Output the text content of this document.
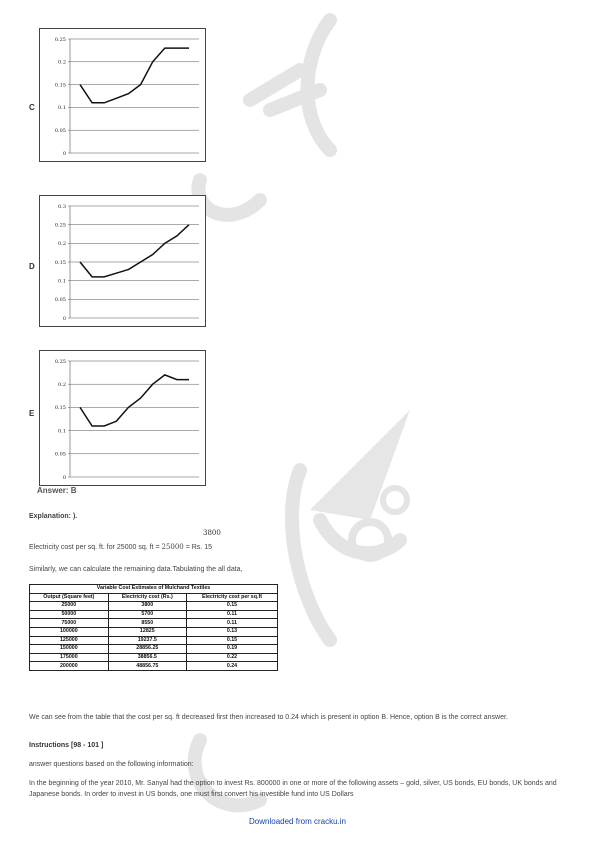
C
0
0.05
0.1
0.15
0.2
0.25
D
0
0.05
0.1
0.15
0.2
0.25
0.3
E
0
0.05
0.1
0.15
0.2
0.25
Answer: B
Explanation: ).
3800
Electricity cost per sq. ft. for 25000 sq. ft = 25000 = Rs. 15
Similarly, we can calculate the remaining data.Tabulating the all data,
Variable Cost Estimates of Mulchand Textiles		
Output (Square feet)	Electricity cost (Rs.)	Electricity cost per sq.ft
25000	3800	0.15
50000	5700	0.11
75000	8550	0.11
100000	12825	0.13
125000	19237.5	0.15
150000	28856.25	0.19
175000	38856.5	0.22
200000	48856.75	0.24
We can see from the table that the cost per sq. ft decreased first then increased to 0.24 which is present in option B. Hence, option B is the correct answer.
Instructions [98 - 101 ]
answer questions based on the following information:
In the beginning of the year 2010, Mr. Sanyal had the option to invest Rs. 800000 in one or more of the following assets – gold, silver, US bonds, EU bonds, UK bonds and Japanese bonds. In order to invest in US bonds, one must first convert his investible fund into US Dollars
Downloaded from cracku.in
